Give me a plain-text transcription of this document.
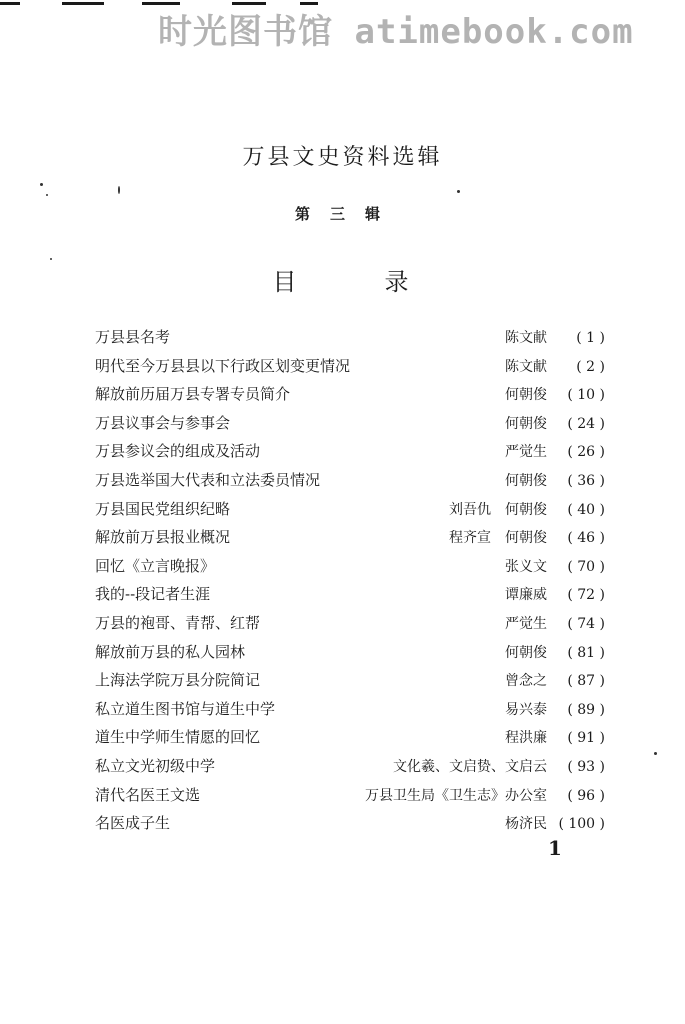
时光图书馆 atimebook.com
万县文史资料选辑
第三辑
目录
万县县名考	陈文献	( 1 )
明代至今万县县以下行政区划变更情况	陈文献	( 2 )
解放前历届万县专署专员简介	何朝俊	( 10 )
万县议事会与参事会	何朝俊	( 24 )
万县参议会的组成及活动	严觉生	( 26 )
万县选举国大代表和立法委员情况	何朝俊	( 36 )
万县国民党组织纪略	刘吾仇　何朝俊	( 40 )
解放前万县报业概况	程齐宣　何朝俊	( 46 )
回忆《立言晚报》	张义文	( 70 )
我的--段记者生涯	谭廉威	( 72 )
万县的袍哥、青帮、红帮	严觉生	( 74 )
解放前万县的私人园林	何朝俊	( 81 )
上海法学院万县分院简记	曾念之	( 87 )
私立道生图书馆与道生中学	易兴泰	( 89 )
道生中学师生情愿的回忆	程洪廉	( 91 )
私立文光初级中学	文化羲、文启贽、文启云	( 93 )
清代名医王文选	万县卫生局《卫生志》办公室	( 96 )
名医成子生	杨济民 ( 100 )
1
